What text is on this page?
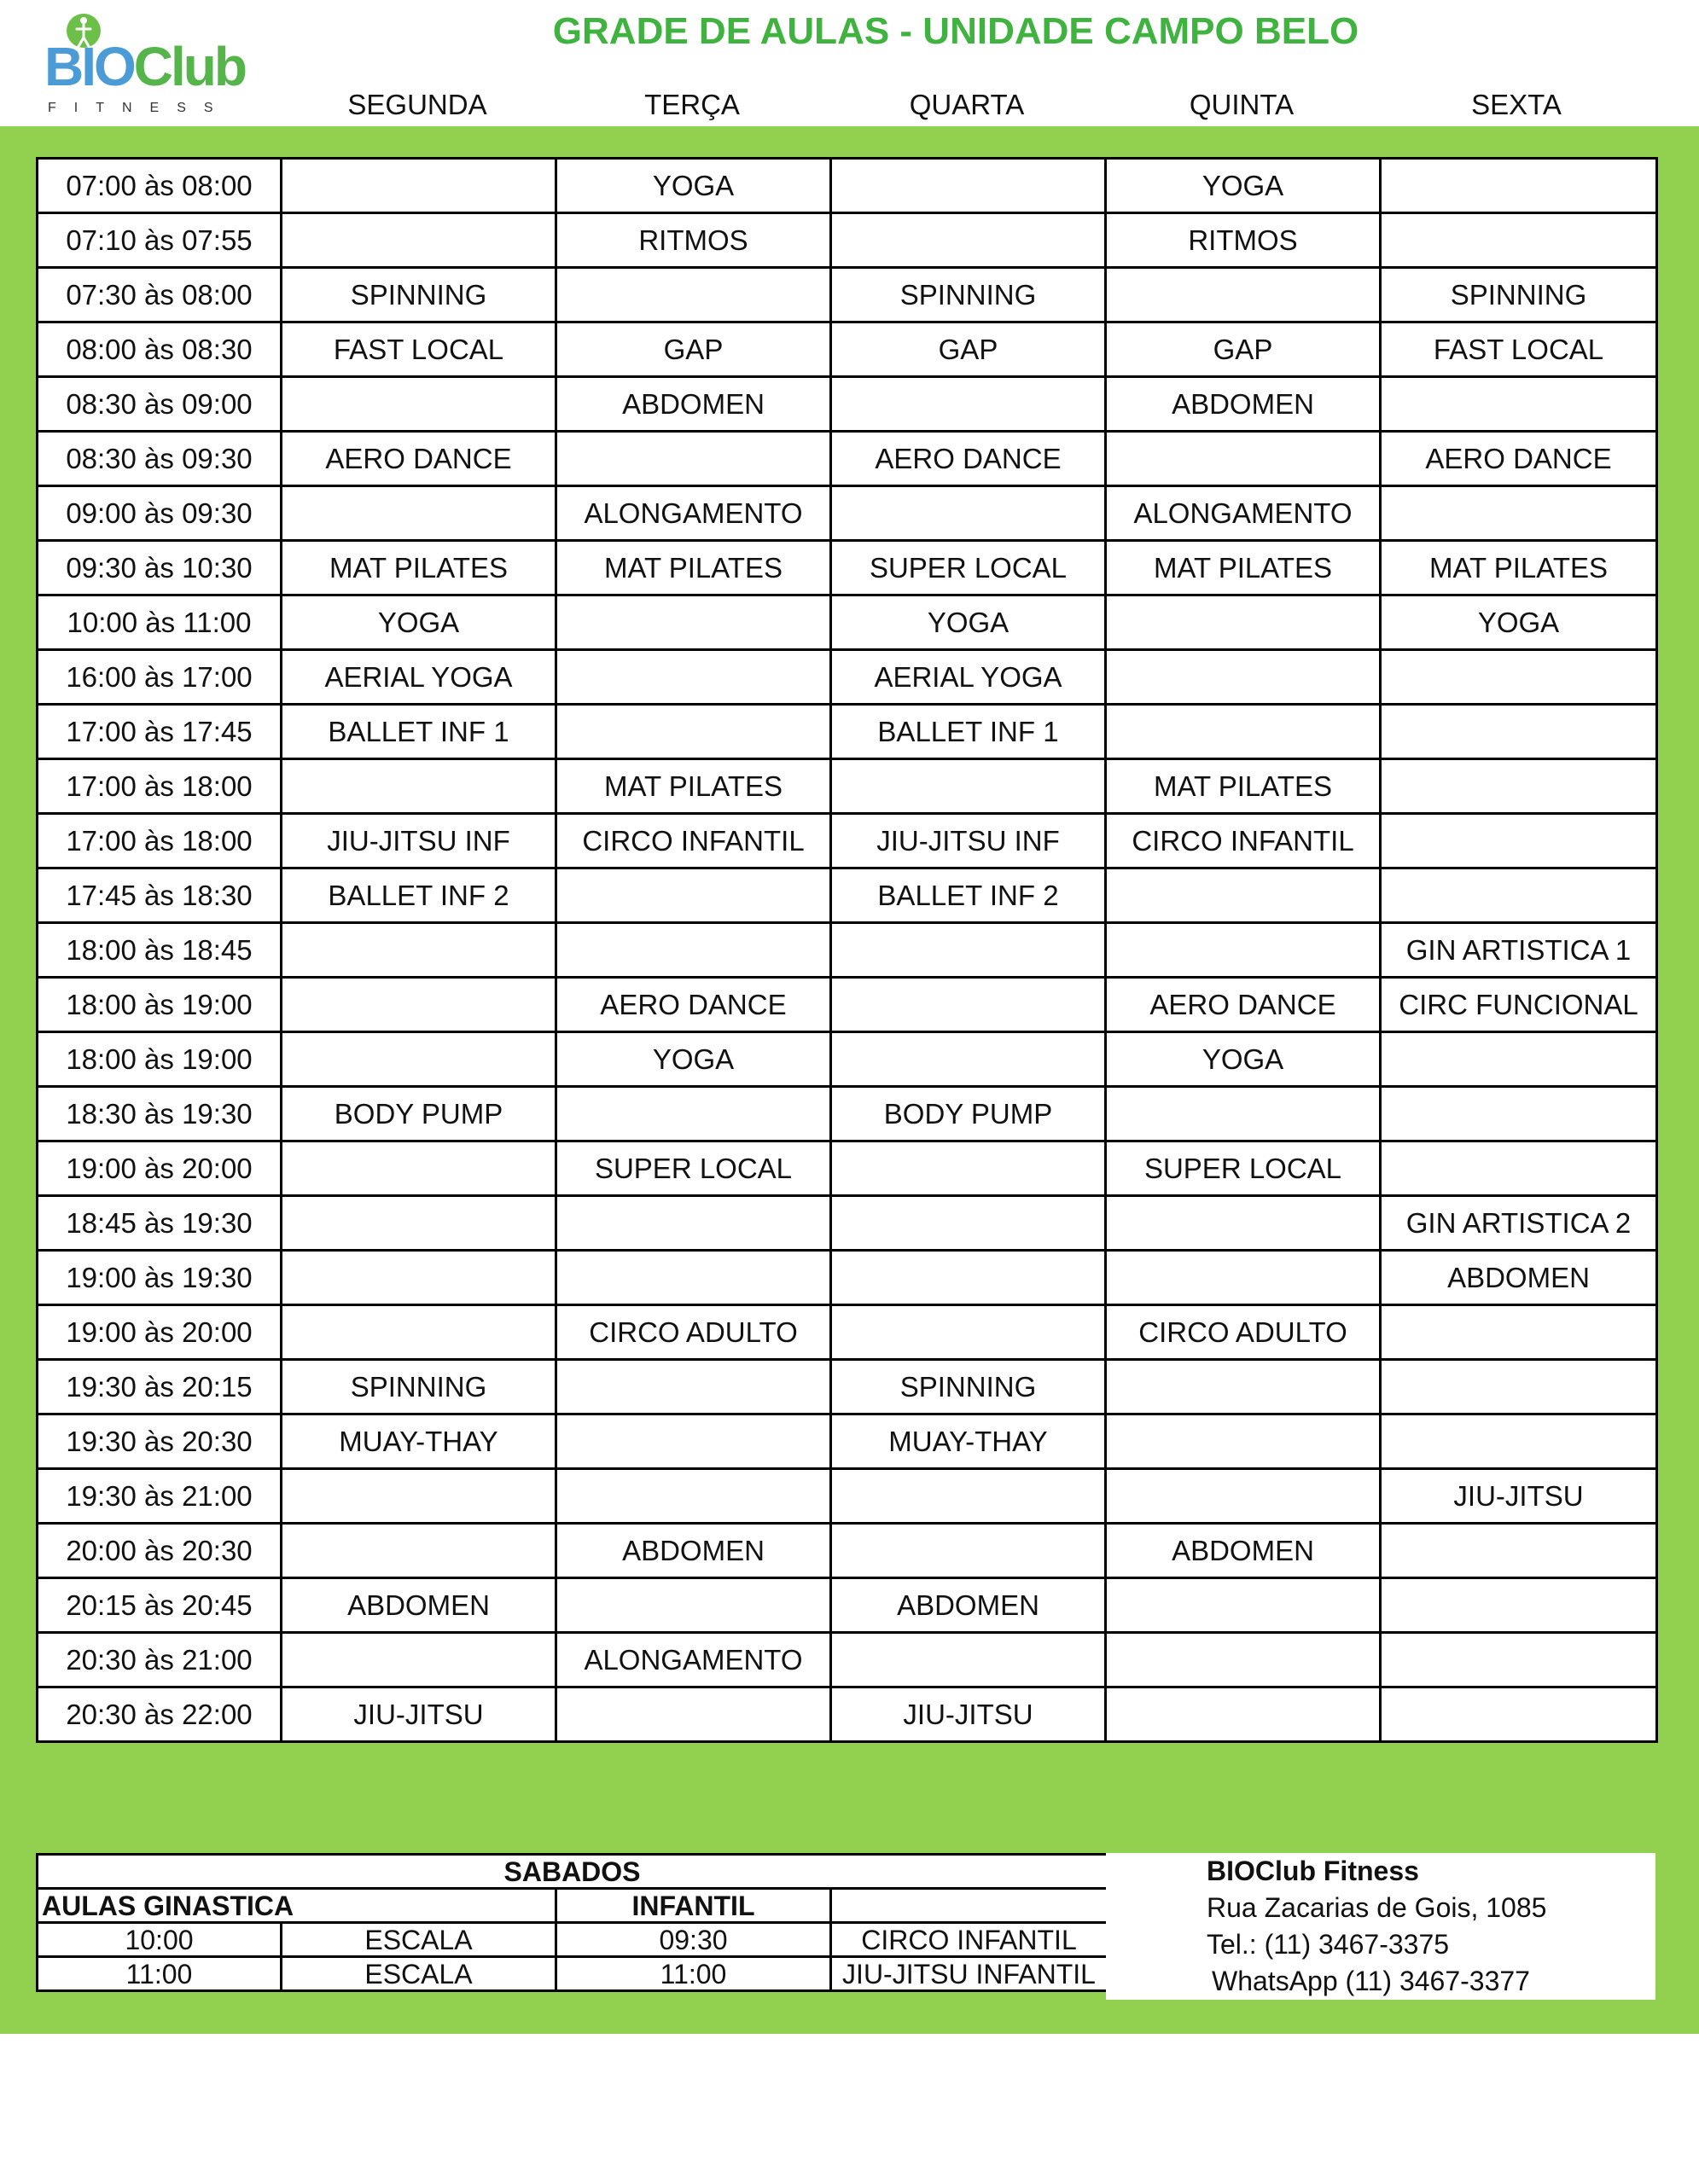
BIOClub
FITNESS
GRADE DE AULAS - UNIDADE CAMPO BELO
SEGUNDA	TERÇA	QUARTA	QUINTA	SEXTA
07:00 às 08:00		YOGA		YOGA	
07:10 às 07:55		RITMOS		RITMOS	
07:30 às 08:00	SPINNING		SPINNING		SPINNING
08:00 às 08:30	FAST LOCAL	GAP	GAP	GAP	FAST LOCAL
08:30 às 09:00		ABDOMEN		ABDOMEN	
08:30 às 09:30	AERO DANCE		AERO DANCE		AERO DANCE
09:00 às 09:30		ALONGAMENTO		ALONGAMENTO	
09:30 às 10:30	MAT PILATES	MAT PILATES	SUPER LOCAL	MAT PILATES	MAT PILATES
10:00 às 11:00	YOGA		YOGA		YOGA
16:00 às 17:00	AERIAL YOGA		AERIAL YOGA		
17:00 às 17:45	BALLET INF 1		BALLET INF 1		
17:00 às 18:00		MAT PILATES		MAT PILATES	
17:00 às 18:00	JIU-JITSU INF	CIRCO INFANTIL	JIU-JITSU INF	CIRCO INFANTIL	
17:45 às 18:30	BALLET INF 2		BALLET INF 2		
18:00 às 18:45					GIN ARTISTICA 1
18:00 às 19:00		AERO DANCE		AERO DANCE	CIRC FUNCIONAL
18:00 às 19:00		YOGA		YOGA	
18:30 às 19:30	BODY PUMP		BODY PUMP		
19:00 às 20:00		SUPER LOCAL		SUPER LOCAL	
18:45 às 19:30					GIN ARTISTICA 2
19:00 às 19:30					ABDOMEN
19:00 às 20:00		CIRCO ADULTO		CIRCO ADULTO	
19:30 às 20:15	SPINNING		SPINNING		
19:30 às 20:30	MUAY-THAY		MUAY-THAY		
19:30 às 21:00					JIU-JITSU
20:00 às 20:30		ABDOMEN		ABDOMEN	
20:15 às 20:45	ABDOMEN		ABDOMEN		
20:30 às 21:00		ALONGAMENTO			
20:30 às 22:00	JIU-JITSU		JIU-JITSU		
SABADOS			
AULAS GINASTICA		INFANTIL	
10:00	ESCALA	09:30	CIRCO INFANTIL
11:00	ESCALA	11:00	JIU-JITSU INFANTIL
BIOClub Fitness
Rua Zacarias de Gois, 1085
Tel.: (11) 3467-3375
WhatsApp (11) 3467-3377
